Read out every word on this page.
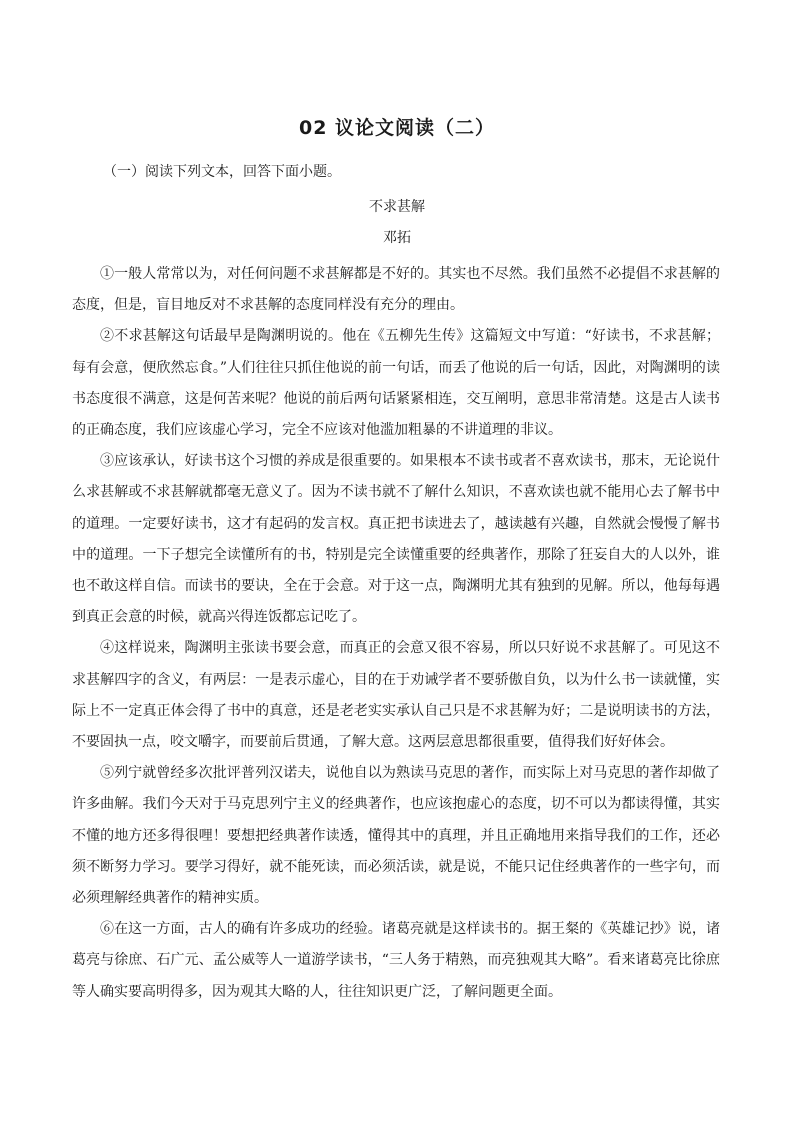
02 议论文阅读（二）

（一）阅读下列文本，回答下面小题。

不求甚解

邓拓

①一般人常常以为，对任何问题不求甚解都是不好的。其实也不尽然。我们虽然不必提倡不求甚解的态度，但是，盲目地反对不求甚解的态度同样没有充分的理由。

②不求甚解这句话最早是陶渊明说的。他在《五柳先生传》这篇短文中写道：“好读书，不求甚解；每有会意，便欣然忘食。”人们往往只抓住他说的前一句话，而丢了他说的后一句话，因此，对陶渊明的读书态度很不满意，这是何苦来呢？他说的前后两句话紧紧相连，交互阐明，意思非常清楚。这是古人读书的正确态度，我们应该虚心学习，完全不应该对他滥加粗暴的不讲道理的非议。

③应该承认，好读书这个习惯的养成是很重要的。如果根本不读书或者不喜欢读书，那末，无论说什么求甚解或不求甚解就都毫无意义了。因为不读书就不了解什么知识，不喜欢读也就不能用心去了解书中的道理。一定要好读书，这才有起码的发言权。真正把书读进去了，越读越有兴趣，自然就会慢慢了解书中的道理。一下子想完全读懂所有的书，特别是完全读懂重要的经典著作，那除了狂妄自大的人以外，谁也不敢这样自信。而读书的要诀，全在于会意。对于这一点，陶渊明尤其有独到的见解。所以，他每每遇到真正会意的时候，就高兴得连饭都忘记吃了。

④这样说来，陶渊明主张读书要会意，而真正的会意又很不容易，所以只好说不求甚解了。可见这不求甚解四字的含义，有两层：一是表示虚心，目的在于劝诫学者不要骄傲自负，以为什么书一读就懂，实际上不一定真正体会得了书中的真意，还是老老实实承认自己只是不求甚解为好；二是说明读书的方法，不要固执一点，咬文嚼字，而要前后贯通，了解大意。这两层意思都很重要，值得我们好好体会。

⑤列宁就曾经多次批评普列汉诺夫，说他自以为熟读马克思的著作，而实际上对马克思的著作却做了许多曲解。我们今天对于马克思列宁主义的经典著作，也应该抱虚心的态度，切不可以为都读得懂，其实不懂的地方还多得很哩！要想把经典著作读透，懂得其中的真理，并且正确地用来指导我们的工作，还必须不断努力学习。要学习得好，就不能死读，而必须活读，就是说，不能只记住经典著作的一些字句，而必须理解经典著作的精神实质。

⑥在这一方面，古人的确有许多成功的经验。诸葛亮就是这样读书的。据王粲的《英雄记抄》说，诸葛亮与徐庶、石广元、孟公威等人一道游学读书，“三人务于精熟，而亮独观其大略”。看来诸葛亮比徐庶等人确实要高明得多，因为观其大略的人，往往知识更广泛，了解问题更全面。
